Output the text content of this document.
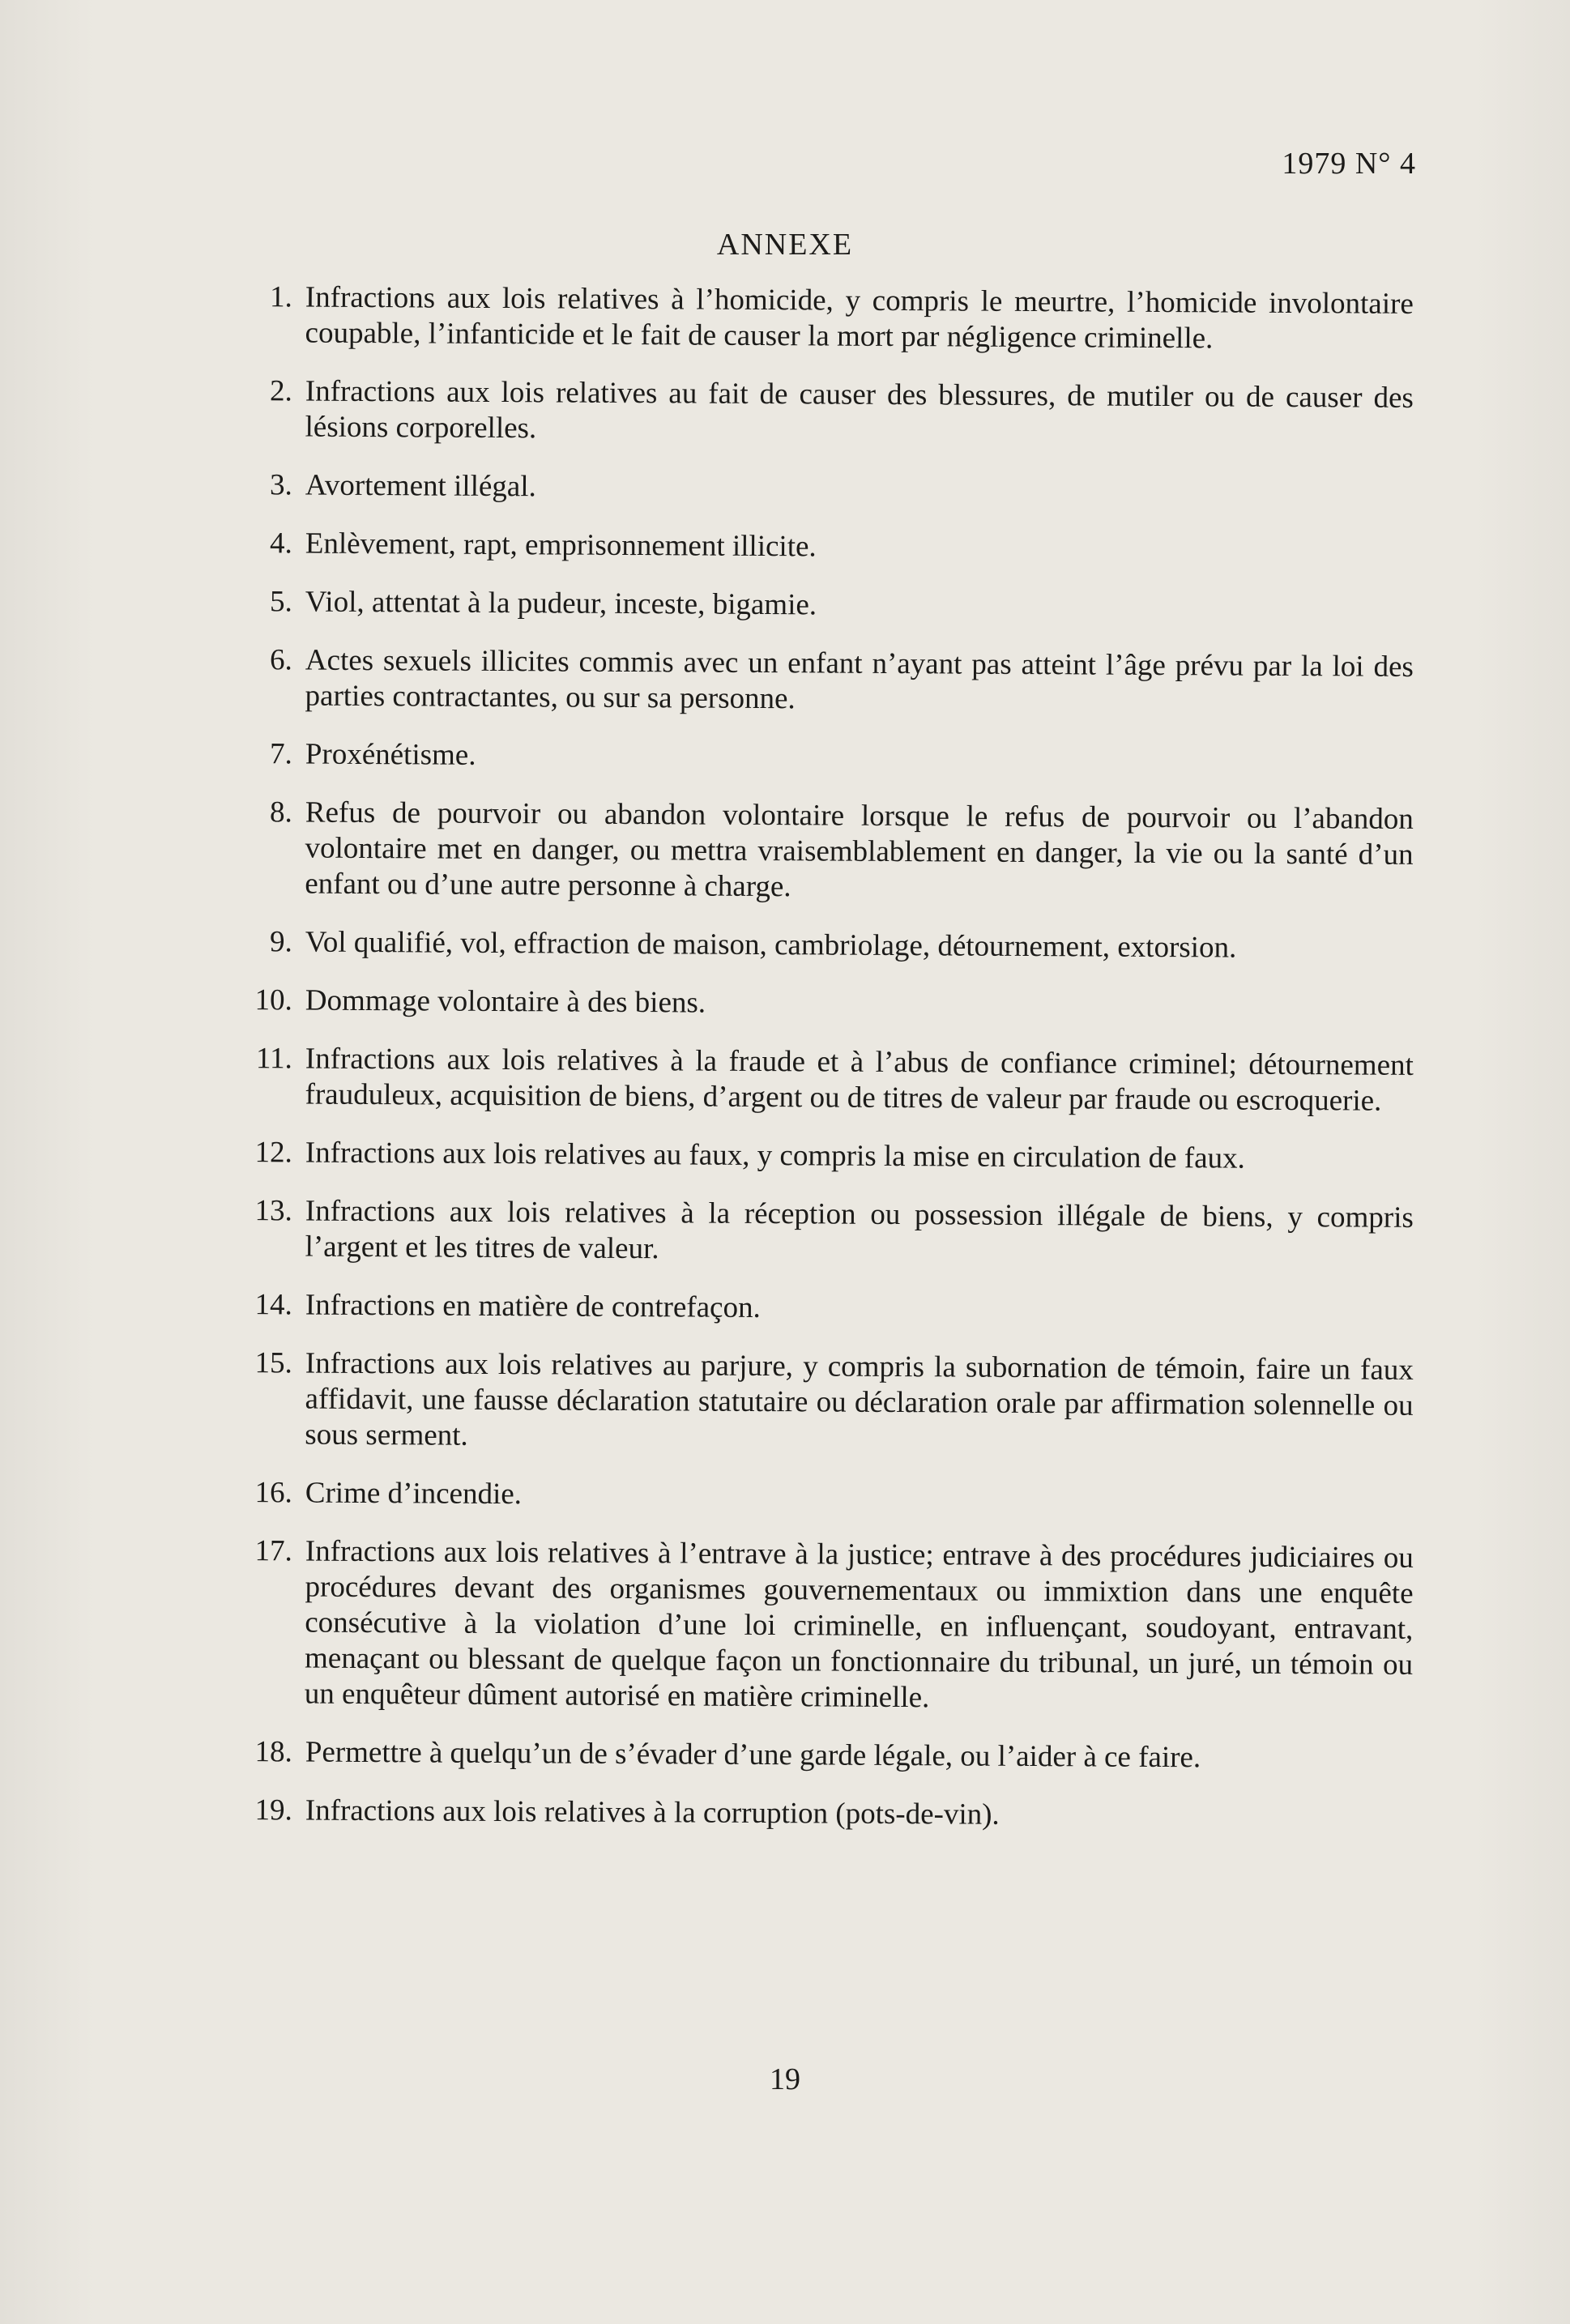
1979 N° 4
ANNEXE
1. Infractions aux lois relatives à l’homicide, y compris le meurtre, l’homicide involontaire coupable, l’infanticide et le fait de causer la mort par négligence criminelle.
2. Infractions aux lois relatives au fait de causer des blessures, de mutiler ou de causer des lésions corporelles.
3. Avortement illégal.
4. Enlèvement, rapt, emprisonnement illicite.
5. Viol, attentat à la pudeur, inceste, bigamie.
6. Actes sexuels illicites commis avec un enfant n’ayant pas atteint l’âge prévu par la loi des parties contractantes, ou sur sa personne.
7. Proxénétisme.
8. Refus de pourvoir ou abandon volontaire lorsque le refus de pourvoir ou l’abandon volontaire met en danger, ou mettra vraisemblablement en danger, la vie ou la santé d’un enfant ou d’une autre personne à charge.
9. Vol qualifié, vol, effraction de maison, cambriolage, détournement, extorsion.
10. Dommage volontaire à des biens.
11. Infractions aux lois relatives à la fraude et à l’abus de confiance criminel; détournement frauduleux, acquisition de biens, d’argent ou de titres de valeur par fraude ou escroquerie.
12. Infractions aux lois relatives au faux, y compris la mise en circulation de faux.
13. Infractions aux lois relatives à la réception ou possession illégale de biens, y compris l’argent et les titres de valeur.
14. Infractions en matière de contrefaçon.
15. Infractions aux lois relatives au parjure, y compris la subornation de témoin, faire un faux affidavit, une fausse déclaration statutaire ou déclaration orale par affirmation solennelle ou sous serment.
16. Crime d’incendie.
17. Infractions aux lois relatives à l’entrave à la justice; entrave à des procédures judiciaires ou procédures devant des organismes gouvernementaux ou immixtion dans une enquête consécutive à la violation d’une loi criminelle, en influençant, soudoyant, entravant, menaçant ou blessant de quelque façon un fonctionnaire du tribunal, un juré, un témoin ou un enquêteur dûment autorisé en matière criminelle.
18. Permettre à quelqu’un de s’évader d’une garde légale, ou l’aider à ce faire.
19. Infractions aux lois relatives à la corruption (pots-de-vin).
19
